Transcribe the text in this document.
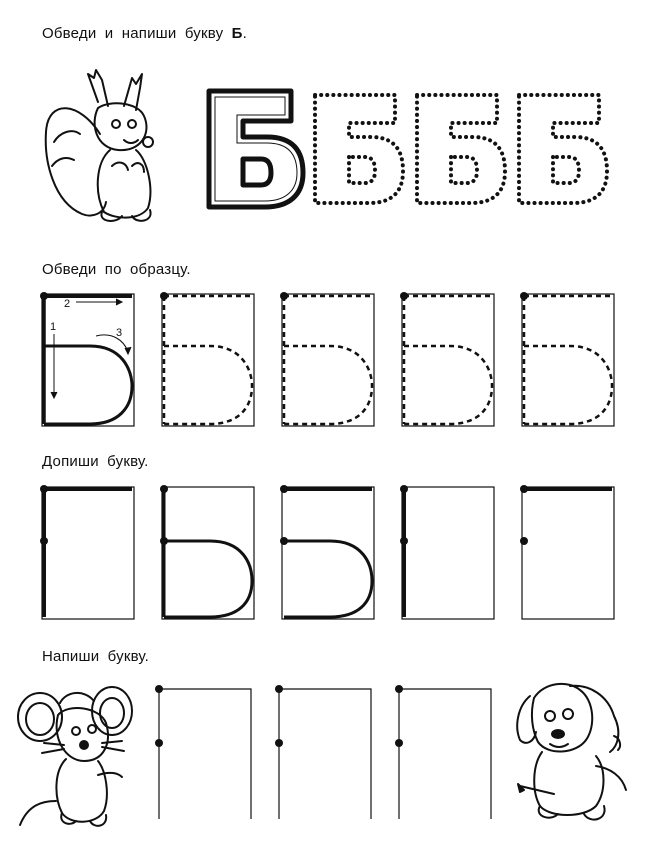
Обведи и напиши букву Б.
Обведи по образцу.
2
1	3
Допиши букву.
Напиши букву.
